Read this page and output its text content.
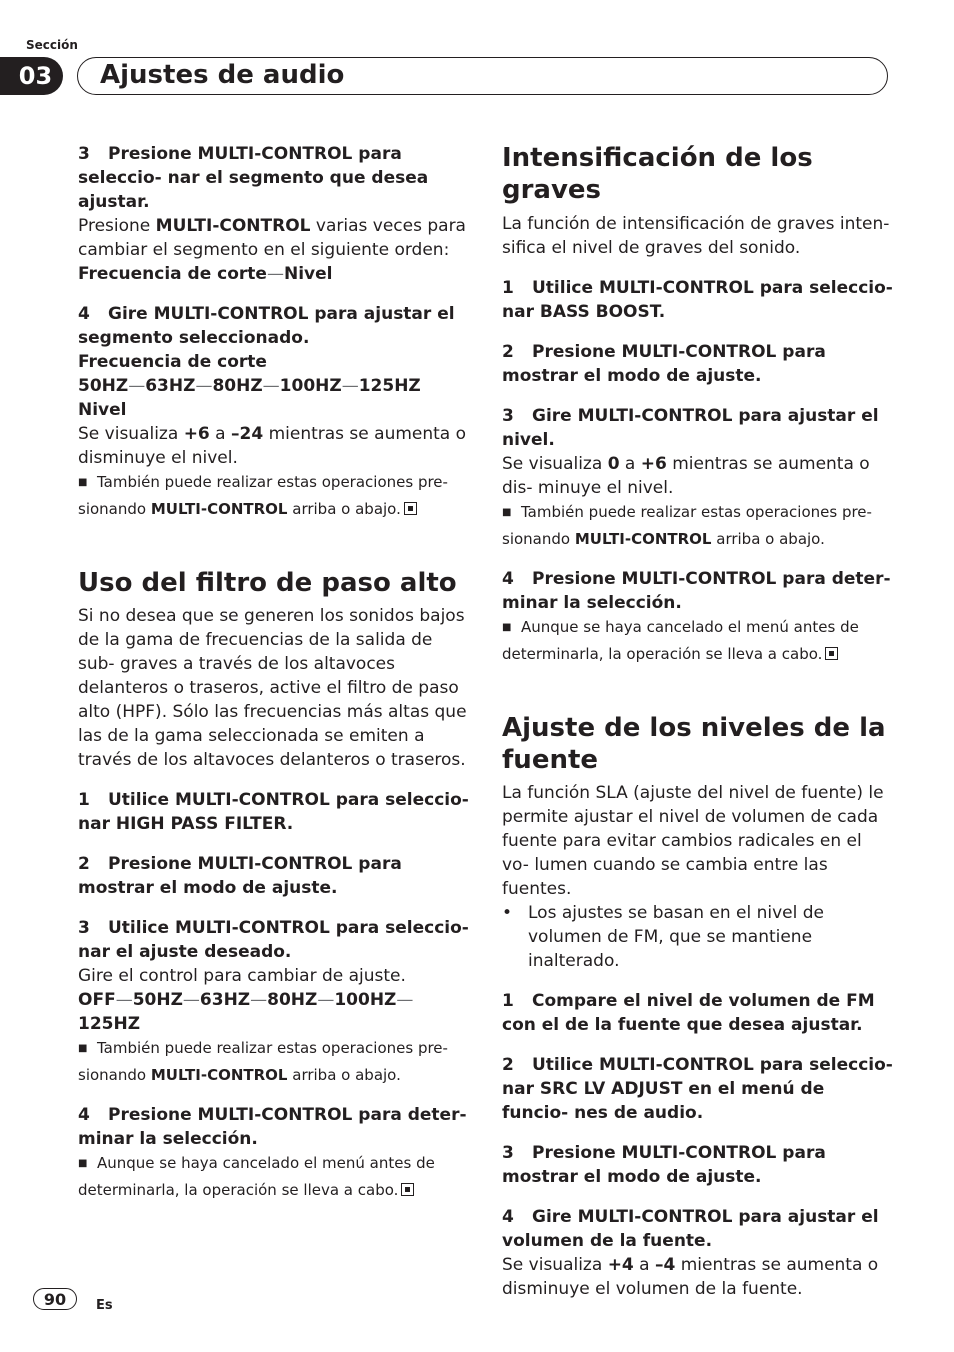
Sección
03	Ajustes de audio
3 Presione MULTI-CONTROL para seleccio- nar el segmento que desea ajustar.
Presione MULTI-CONTROL varias veces para cambiar el segmento en el siguiente orden:
Frecuencia de corte—Nivel
4 Gire MULTI-CONTROL para ajustar el segmento seleccionado.
Frecuencia de corte
50HZ—63HZ—80HZ—100HZ—125HZ
Nivel
Se visualiza +6 a –24 mientras se aumenta o disminuye el nivel.
■ También puede realizar estas operaciones pre- sionando MULTI-CONTROL arriba o abajo.
Uso del filtro de paso alto
Si no desea que se generen los sonidos bajos de la gama de frecuencias de la salida de sub- graves a través de los altavoces delanteros o traseros, active el filtro de paso alto (HPF). Sólo las frecuencias más altas que las de la gama seleccionada se emiten a través de los altavoces delanteros o traseros.
1 Utilice MULTI-CONTROL para seleccio- nar HIGH PASS FILTER.
2 Presione MULTI-CONTROL para mostrar el modo de ajuste.
3 Utilice MULTI-CONTROL para seleccio- nar el ajuste deseado.
Gire el control para cambiar de ajuste.
OFF—50HZ—63HZ—80HZ—100HZ—125HZ
■ También puede realizar estas operaciones pre- sionando MULTI-CONTROL arriba o abajo.
4 Presione MULTI-CONTROL para deter- minar la selección.
■ Aunque se haya cancelado el menú antes de determinarla, la operación se lleva a cabo.
Intensificación de los graves
La función de intensificación de graves inten- sifica el nivel de graves del sonido.
1 Utilice MULTI-CONTROL para seleccio- nar BASS BOOST.
2 Presione MULTI-CONTROL para mostrar el modo de ajuste.
3 Gire MULTI-CONTROL para ajustar el nivel.
Se visualiza 0 a +6 mientras se aumenta o dis- minuye el nivel.
■ También puede realizar estas operaciones pre- sionando MULTI-CONTROL arriba o abajo.
4 Presione MULTI-CONTROL para deter- minar la selección.
■ Aunque se haya cancelado el menú antes de determinarla, la operación se lleva a cabo.
Ajuste de los niveles de la fuente
La función SLA (ajuste del nivel de fuente) le permite ajustar el nivel de volumen de cada fuente para evitar cambios radicales en el vo- lumen cuando se cambia entre las fuentes.
• Los ajustes se basan en el nivel de volumen de FM, que se mantiene inalterado.
1 Compare el nivel de volumen de FM con el de la fuente que desea ajustar.
2 Utilice MULTI-CONTROL para seleccio- nar SRC LV ADJUST en el menú de funcio- nes de audio.
3 Presione MULTI-CONTROL para mostrar el modo de ajuste.
4 Gire MULTI-CONTROL para ajustar el volumen de la fuente.
Se visualiza +4 a –4 mientras se aumenta o disminuye el volumen de la fuente.
90	Es
